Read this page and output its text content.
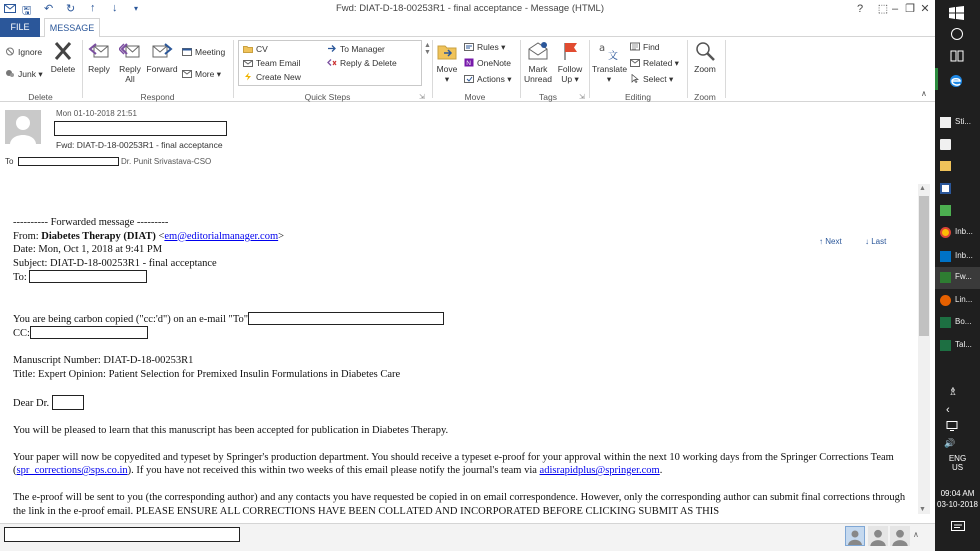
🖫 ↶ ↻ ↑ ↓ ▾	Fwd: DIAT-D-18-00253R1 - final acceptance - Message (HTML)	?	⬚ – ❐ ✕
FILE	MESSAGE
Ignore
Junk ▾ Delete
Delete
Reply	Reply
All
Forward
Meeting
More ▾
Respond
CV	To Manager
Team Email	Reply & Delete
Create New
▲
▼
Quick Steps	⇲
Move
▾
Rules ▾
N OneNote
Actions ▾
Move
Mark
Unread
Follow
Up ▾
Tags	⇲
a
文
Translate
▾
Find
Related ▾
Select ▾
Editing
Zoom
Zoom	∧
Mon 01-10-2018 21:51
Fwd: DIAT-D-18-00253R1 - final acceptance
To	Dr. Punit Srivastava-CSO
↑ Next	↓ Last

---------- Forwarded message ---------

From: Diabetes Therapy (DIAT) <em@editorialmanager.com>

Date: Mon, Oct 1, 2018 at 9:41 PM

Subject: DIAT-D-18-00253R1 - final acceptance

To:

You are being carbon copied ("cc:'d") on an e-mail "To"

CC:

Manuscript Number: DIAT-D-18-00253R1

Title: Expert Opinion: Patient Selection for Premixed Insulin Formulations in Diabetes Care

Dear Dr.

You will be pleased to learn that this manuscript has been accepted for publication in Diabetes Therapy.

Your paper will now be copyedited and typeset by Springer's production department. You should receive a typeset e-proof for your approval within the next 10 working days from the Springer Corrections Team (spr_corrections@sps.co.in). If you have not received this within two weeks of this email please notify the journal's team via adisrapidplus@springer.com.

The e-proof will be sent to you (the corresponding author) and any contacts you have requested be copied in on email correspondence. However, only the corresponding author can submit final corrections through the link in the e-proof email. PLEASE ENSURE ALL CORRECTIONS HAVE BEEN COLLATED AND INCORPORATED BEFORE CLICKING SUBMIT AS THIS

▲
▼
∧
Sti...
Inb...
Inb...
Fw...
Lin...
Bo...
Tal...
♗
‹
🔊
ENG
US
09:04 AM
03-10-2018
